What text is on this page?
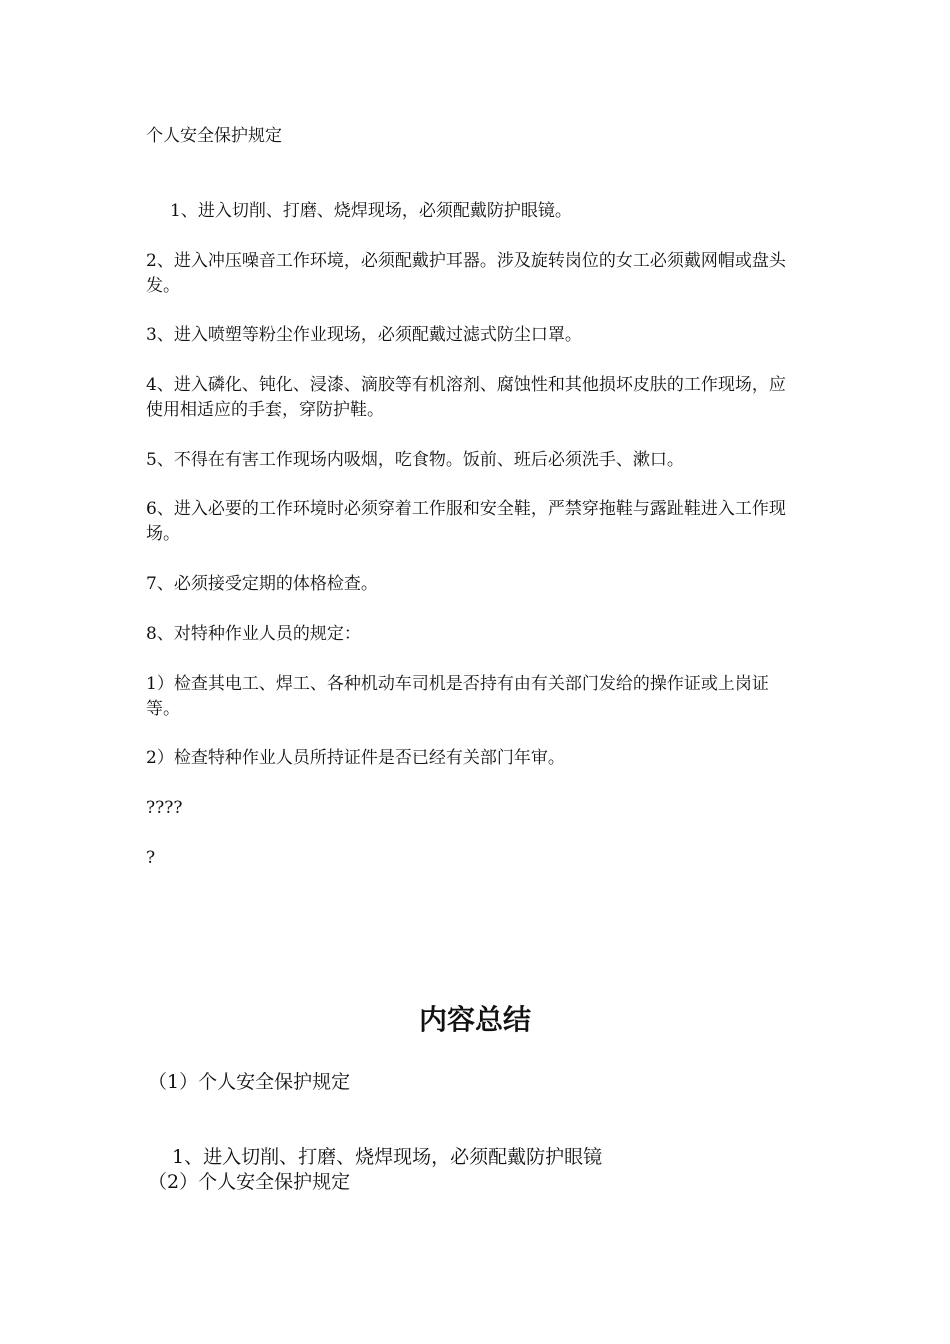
个人安全保护规定

1、进入切削、打磨、烧焊现场，必须配戴防护眼镜。

2、进入冲压噪音工作环境，必须配戴护耳器。涉及旋转岗位的女工必须戴网帽或盘头发。

3、进入喷塑等粉尘作业现场，必须配戴过滤式防尘口罩。

4、进入磷化、钝化、浸漆、滴胶等有机溶剂、腐蚀性和其他损坏皮肤的工作现场，应使用相适应的手套，穿防护鞋。

5、不得在有害工作现场内吸烟，吃食物。饭前、班后必须洗手、漱口。

6、进入必要的工作环境时必须穿着工作服和安全鞋，严禁穿拖鞋与露趾鞋进入工作现场。

7、必须接受定期的体格检查。

8、对特种作业人员的规定：

1）检查其电工、焊工、各种机动车司机是否持有由有关部门发给的操作证或上岗证等。

2）检查特种作业人员所持证件是否已经有关部门年审。

????

?

内容总结

（1）个人安全保护规定

1、进入切削、打磨、烧焊现场，必须配戴防护眼镜

（2）个人安全保护规定
